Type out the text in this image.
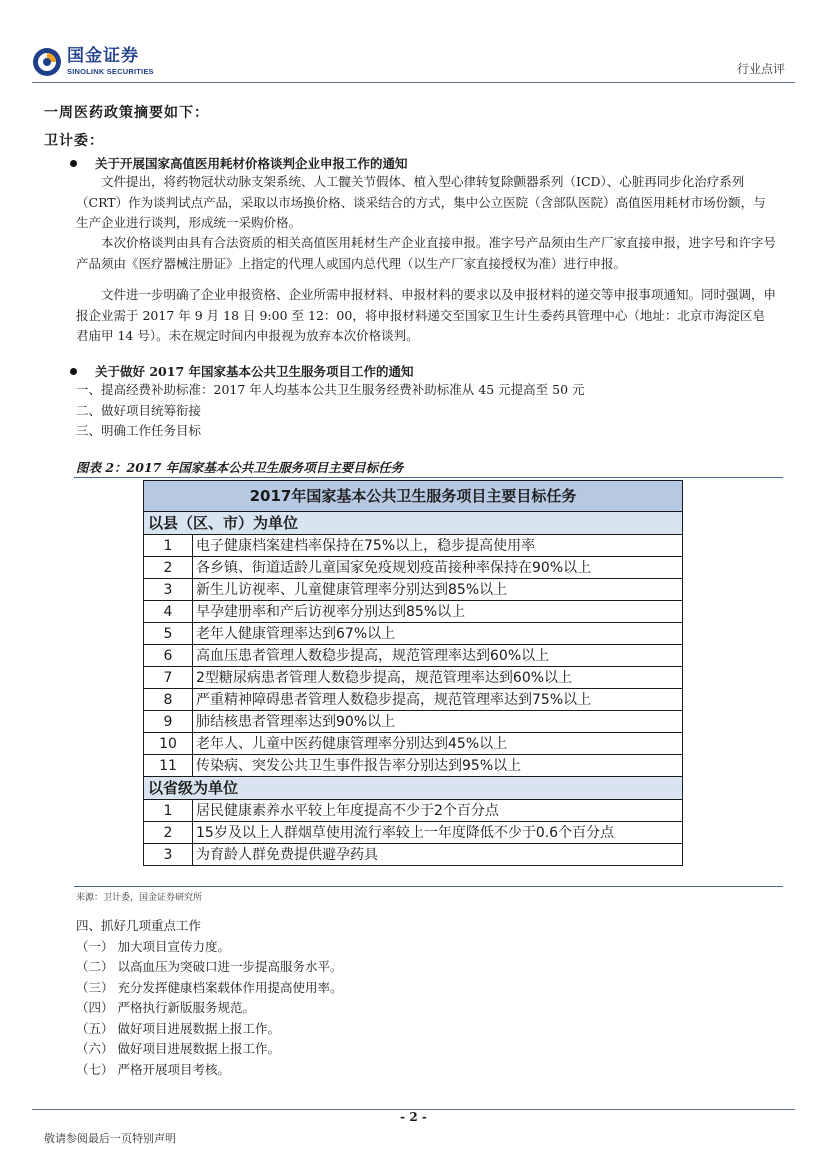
国金证券
SINOLINK SECURITIES	行业点评
一周医药政策摘要如下：
卫计委：
关于开展国家高值医用耗材价格谈判企业申报工作的通知

文件提出，将药物冠状动脉支架系统、人工髋关节假体、植入型心律转复除颤器系列（ICD）、心脏再同步化治疗系列（CRT）作为谈判试点产品，采取以市场换价格、谈采结合的方式，集中公立医院（含部队医院）高值医用耗材市场份额，与生产企业进行谈判，形成统一采购价格。

本次价格谈判由具有合法资质的相关高值医用耗材生产企业直接申报。准字号产品须由生产厂家直接申报，进字号和许字号产品须由《医疗器械注册证》上指定的代理人或国内总代理（以生产厂家直接授权为准）进行申报。

文件进一步明确了企业申报资格、企业所需申报材料、申报材料的要求以及申报材料的递交等申报事项通知。同时强调，申报企业需于 2017 年 9 月 18 日 9:00 至 12：00，将申报材料递交至国家卫生计生委药具管理中心（地址：北京市海淀区皂君庙甲 14 号）。未在规定时间内申报视为放弃本次价格谈判。

关于做好 2017 年国家基本公共卫生服务项目工作的通知
一、提高经费补助标准：2017 年人均基本公共卫生服务经费补助标准从 45 元提高至 50 元
二、做好项目统筹衔接
三、明确工作任务目标
图表 2：2017 年国家基本公共卫生服务项目主要目标任务
2017年国家基本公共卫生服务项目主要目标任务	
以县（区、市）为单位	
1	电子健康档案建档率保持在75%以上，稳步提高使用率
2	各乡镇、街道适龄儿童国家免疫规划疫苗接种率保持在90%以上
3	新生儿访视率、儿童健康管理率分别达到85%以上
4	早孕建册率和产后访视率分别达到85%以上
5	老年人健康管理率达到67%以上
6	高血压患者管理人数稳步提高，规范管理率达到60%以上
7	2型糖尿病患者管理人数稳步提高，规范管理率达到60%以上
8	严重精神障碍患者管理人数稳步提高，规范管理率达到75%以上
9	肺结核患者管理率达到90%以上
10	老年人、儿童中医药健康管理率分别达到45%以上
11	传染病、突发公共卫生事件报告率分别达到95%以上
以省级为单位	
1	居民健康素养水平较上年度提高不少于2个百分点
2	15岁及以上人群烟草使用流行率较上一年度降低不少于0.6个百分点
3	为育龄人群免费提供避孕药具
来源：卫计委，国金证券研究所
四、抓好几项重点工作
（一） 加大项目宣传力度。
（二） 以高血压为突破口进一步提高服务水平。
（三） 充分发挥健康档案载体作用提高使用率。
（四） 严格执行新版服务规范。
（五） 做好项目进展数据上报工作。
（六） 做好项目进展数据上报工作。
（七） 严格开展项目考核。
- 2 -
敬请参阅最后一页特别声明
